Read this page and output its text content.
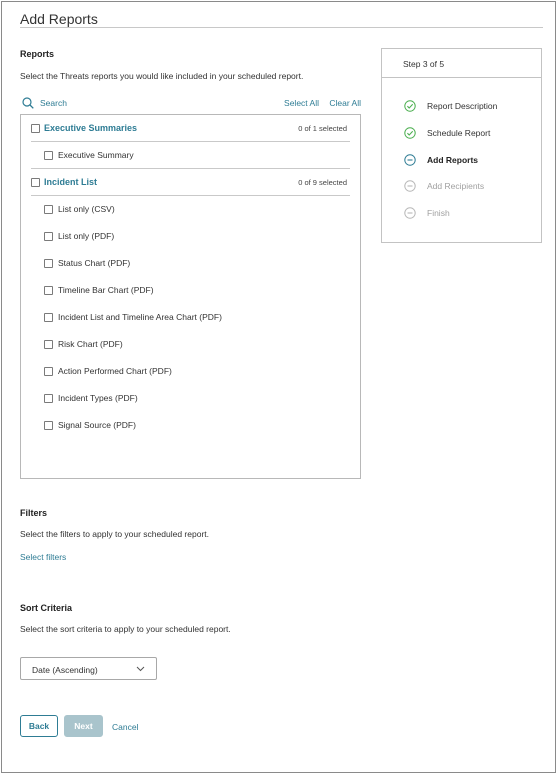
Add Reports
Reports
Select the Threats reports you would like included in your scheduled report.
Search	Select All Clear All
Executive Summaries	0 of 1 selected
Executive Summary
Incident List	0 of 9 selected
List only (CSV)
List only (PDF)
Status Chart (PDF)
Timeline Bar Chart (PDF)
Incident List and Timeline Area Chart (PDF)
Risk Chart (PDF)
Action Performed Chart (PDF)
Incident Types (PDF)
Signal Source (PDF)
Step 3 of 5
Report Description
Schedule Report
Add Reports
Add Recipients
Finish
Filters
Select the filters to apply to your scheduled report.
Select filters
Sort Criteria
Select the sort criteria to apply to your scheduled report.
Date (Ascending)
Back	Next	Cancel
